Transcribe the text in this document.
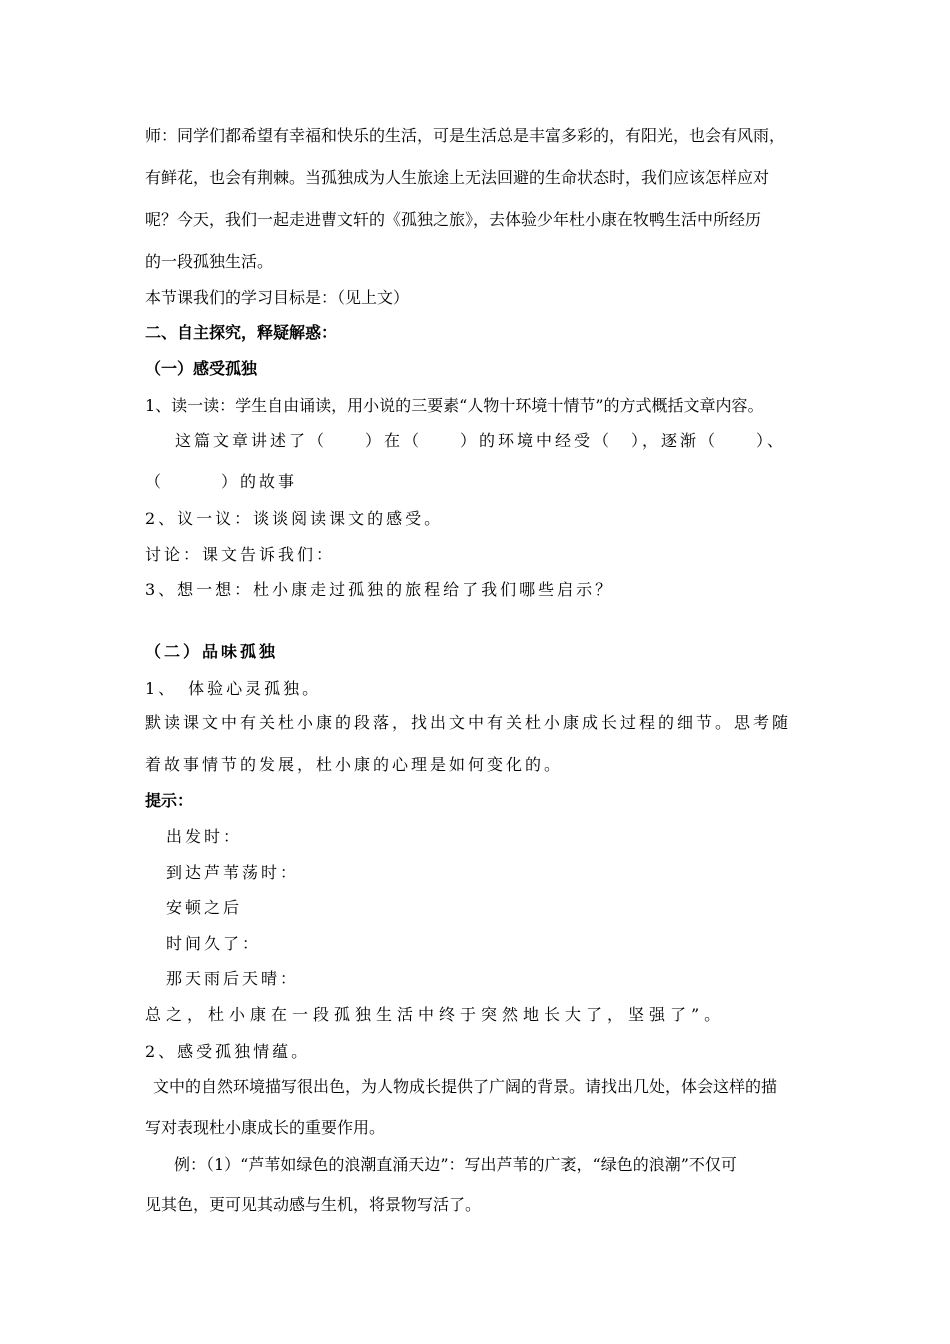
师：同学们都希望有幸福和快乐的生活，可是生活总是丰富多彩的，有阳光，也会有风雨，
有鲜花，也会有荆棘。当孤独成为人生旅途上无法回避的生命状态时，我们应该怎样应对
呢？今天，我们一起走进曹文轩的《孤独之旅》，去体验少年杜小康在牧鸭生活中所经历
的一段孤独生活。
本节课我们的学习目标是：（见上文）
二、自主探究，释疑解惑：
（一）感受孤独
1、读一读：学生自由诵读，用小说的三要素“人物十环境十情节”的方式概括文章内容。
这篇文章讲述了（　　）在（　　）的环境中经受（　），逐渐（　　）、
（　　　）的故事
2、议一议：谈谈阅读课文的感受。
讨论：课文告诉我们：
3、想一想：杜小康走过孤独的旅程给了我们哪些启示？
（二）品味孤独
1、　体验心灵孤独。
默读课文中有关杜小康的段落，找出文中有关杜小康成长过程的细节。思考随
着故事情节的发展，杜小康的心理是如何变化的。
提示：
出发时：
到达芦苇荡时：
安顿之后
时间久了：
那天雨后天晴：
总之，杜小康在一段孤独生活中终于突然地长大了，坚强了”。
2、感受孤独情蕴。
文中的自然环境描写很出色，为人物成长提供了广阔的背景。请找出几处，体会这样的描
写对表现杜小康成长的重要作用。
例：（1）“芦苇如绿色的浪潮直涌天边”：写出芦苇的广袤，“绿色的浪潮”不仅可
见其色，更可见其动感与生机，将景物写活了。
